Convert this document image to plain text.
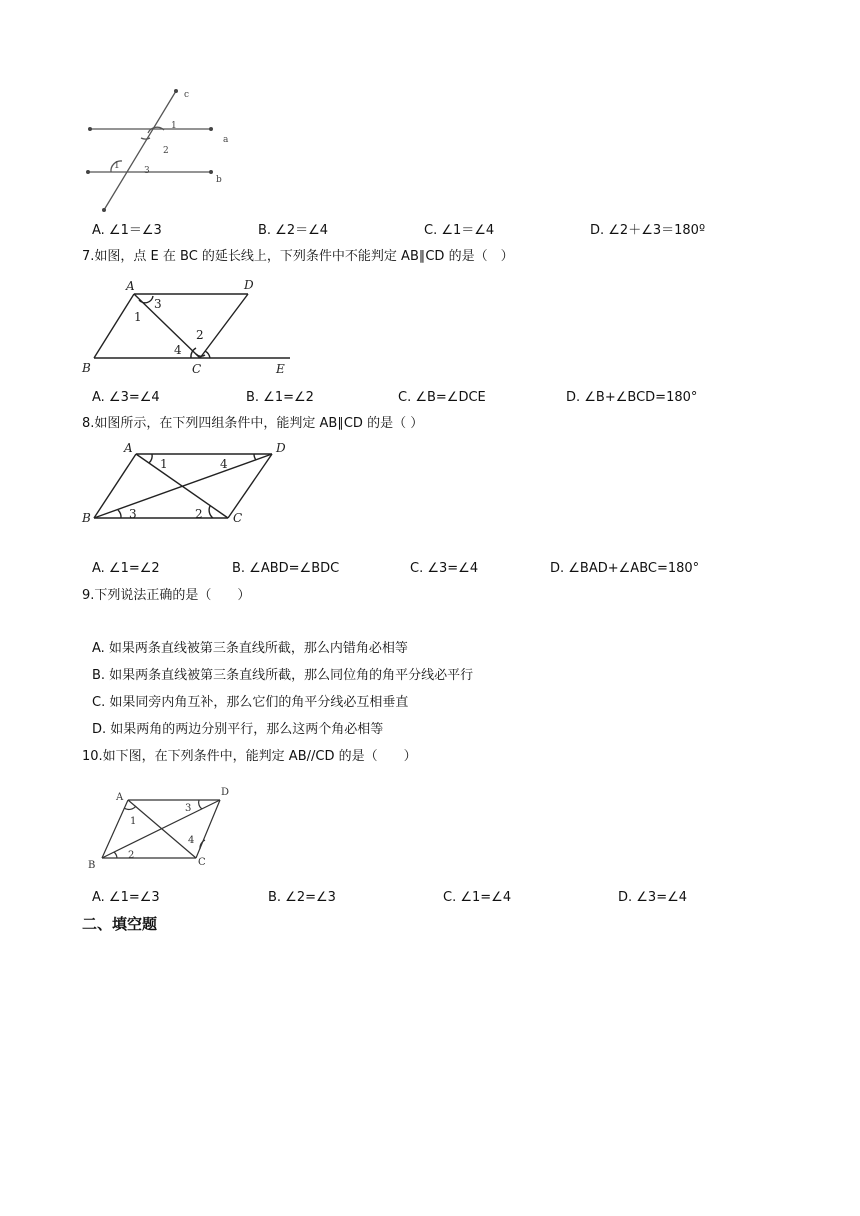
c
a
b
1
2
3
1
A. ∠1＝∠3	B. ∠2＝∠4	C. ∠1＝∠4	D. ∠2＋∠3＝180º
7.如图，点 E 在 BC 的延长线上，下列条件中不能判定 AB∥CD 的是（　）
A	D
B	C	E
1
2
3
4
A. ∠3=∠4	B. ∠1=∠2	C. ∠B=∠DCE	D. ∠B+∠BCD=180°
8.如图所示，在下列四组条件中，能判定 AB∥CD 的是（ ）
A	D
B	C
1
2
3
4
A. ∠1=∠2	B. ∠ABD=∠BDC	C. ∠3=∠4	D. ∠BAD+∠ABC=180°
9.下列说法正确的是（　　）
A. 如果两条直线被第三条直线所截，那么内错角必相等
B. 如果两条直线被第三条直线所截，那么同位角的角平分线必平行
C. 如果同旁内角互补，那么它们的角平分线必互相垂直
D. 如果两角的两边分别平行，那么这两个角必相等
10.如下图，在下列条件中，能判定 AB//CD 的是（　　）
A	D
B	C
1
2
3
4
A. ∠1=∠3	B. ∠2=∠3	C. ∠1=∠4	D. ∠3=∠4
二、填空题
